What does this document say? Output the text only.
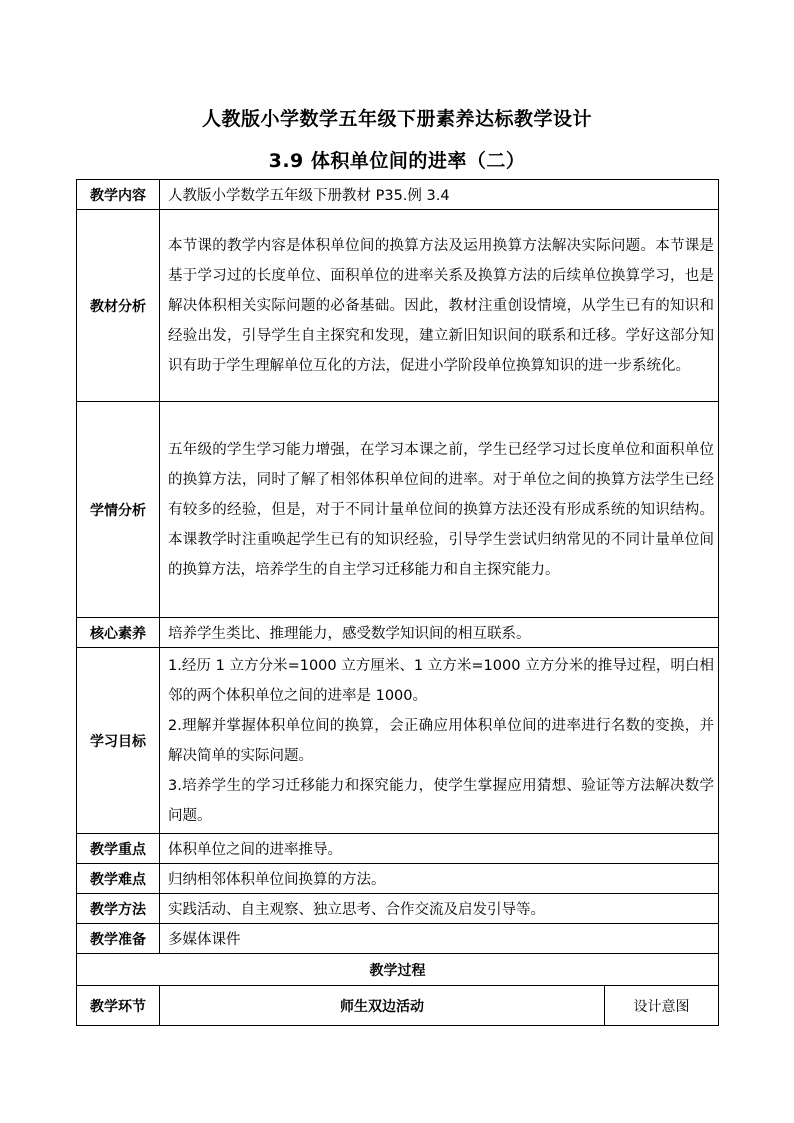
人教版小学数学五年级下册素养达标教学设计
3.9 体积单位间的进率（二）
教学内容	人教版小学数学五年级下册教材 P35.例 3.4	
教材分析	本节课的教学内容是体积单位间的换算方法及运用换算方法解决实际问题。本节课是基于学习过的长度单位、面积单位的进率关系及换算方法的后续单位换算学习，也是解决体积相关实际问题的必备基础。因此，教材注重创设情境，从学生已有的知识和经验出发，引导学生自主探究和发现，建立新旧知识间的联系和迁移。学好这部分知识有助于学生理解单位互化的方法，促进小学阶段单位换算知识的进一步系统化。	
学情分析	五年级的学生学习能力增强，在学习本课之前，学生已经学习过长度单位和面积单位的换算方法，同时了解了相邻体积单位间的进率。对于单位之间的换算方法学生已经有较多的经验，但是，对于不同计量单位间的换算方法还没有形成系统的知识结构。本课教学时注重唤起学生已有的知识经验，引导学生尝试归纳常见的不同计量单位间的换算方法，培养学生的自主学习迁移能力和自主探究能力。	
核心素养	培养学生类比、推理能力，感受数学知识间的相互联系。	
学习目标	1.经历 1 立方分米=1000 立方厘米、1 立方米=1000 立方分米的推导过程，明白相邻的两个体积单位之间的进率是 1000。

2.理解并掌握体积单位间的换算，会正确应用体积单位间的进率进行名数的变换，并解决简单的实际问题。

3.培养学生的学习迁移能力和探究能力，使学生掌握应用猜想、验证等方法解决数学问题。	

教学重点	体积单位之间的进率推导。	
教学难点	归纳相邻体积单位间换算的方法。	
教学方法	实践活动、自主观察、独立思考、合作交流及启发引导等。	
教学准备	多媒体课件	
教学过程		
教学环节	师生双边活动	设计意图
